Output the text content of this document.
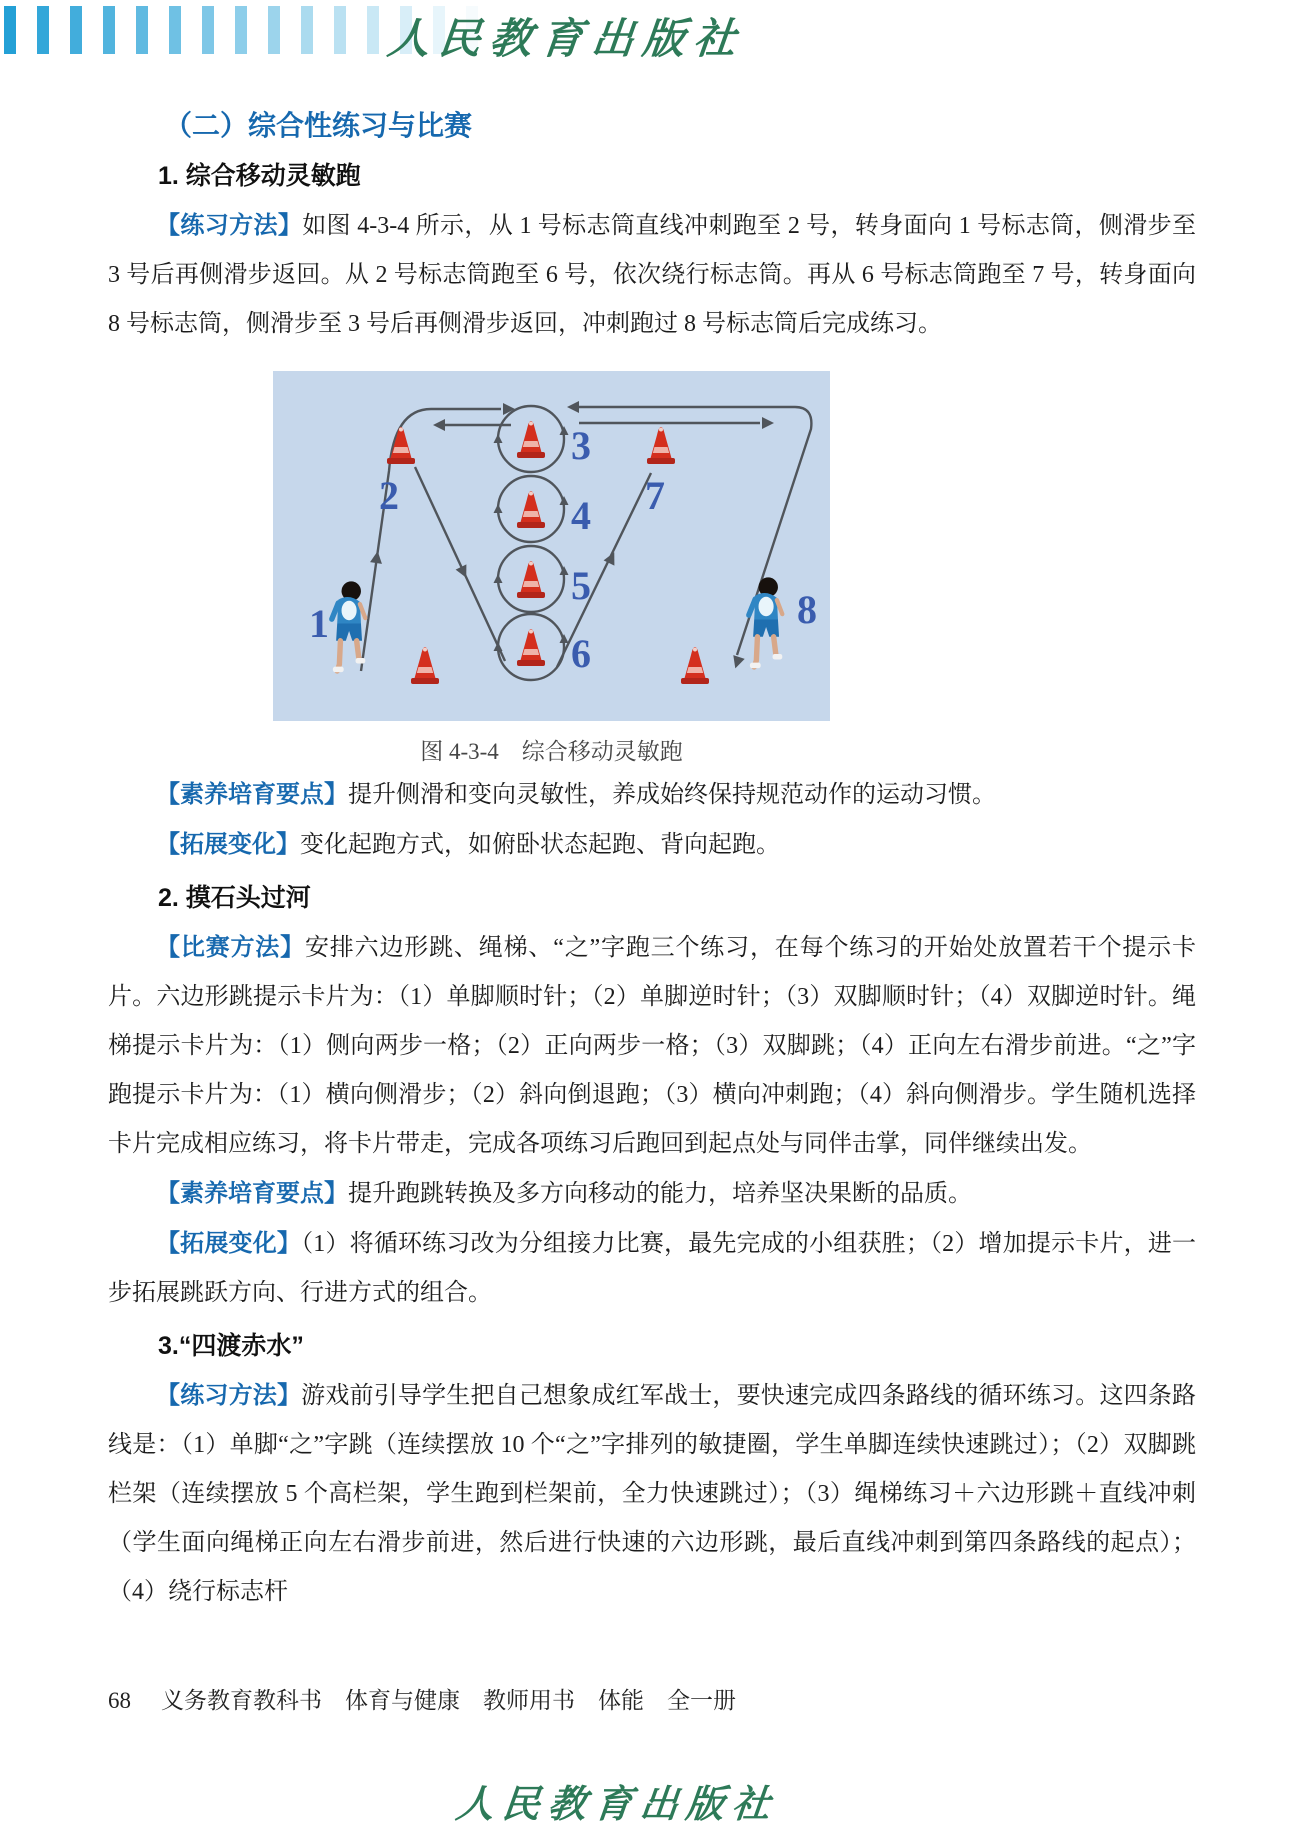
人民教育出版社
（二）综合性练习与比赛
1. 综合移动灵敏跑

【练习方法】如图 4-3-4 所示，从 1 号标志筒直线冲刺跑至 2 号，转身面向 1 号标志筒，侧滑步至 3 号后再侧滑步返回。从 2 号标志筒跑至 6 号，依次绕行标志筒。再从 6 号标志筒跑至 7 号，转身面向 8 号标志筒，侧滑步至 3 号后再侧滑步返回，冲刺跑过 8 号标志筒后完成练习。

1
2
3
4
5
6
7
8
图 4-3-4　综合移动灵敏跑

【素养培育要点】提升侧滑和变向灵敏性，养成始终保持规范动作的运动习惯。

【拓展变化】变化起跑方式，如俯卧状态起跑、背向起跑。

2. 摸石头过河

【比赛方法】安排六边形跳、绳梯、“之”字跑三个练习，在每个练习的开始处放置若干个提示卡片。六边形跳提示卡片为：（1）单脚顺时针；（2）单脚逆时针；（3）双脚顺时针；（4）双脚逆时针。绳梯提示卡片为：（1）侧向两步一格；（2）正向两步一格；（3）双脚跳；（4）正向左右滑步前进。“之”字跑提示卡片为：（1）横向侧滑步；（2）斜向倒退跑；（3）横向冲刺跑；（4）斜向侧滑步。学生随机选择卡片完成相应练习，将卡片带走，完成各项练习后跑回到起点处与同伴击掌，同伴继续出发。

【素养培育要点】提升跑跳转换及多方向移动的能力，培养坚决果断的品质。

【拓展变化】（1）将循环练习改为分组接力比赛，最先完成的小组获胜；（2）增加提示卡片，进一步拓展跳跃方向、行进方式的组合。

3.“四渡赤水”

【练习方法】游戏前引导学生把自己想象成红军战士，要快速完成四条路线的循环练习。这四条路线是：（1）单脚“之”字跳（连续摆放 10 个“之”字排列的敏捷圈，学生单脚连续快速跳过）；（2）双脚跳栏架（连续摆放 5 个高栏架，学生跑到栏架前，全力快速跳过）；（3）绳梯练习＋六边形跳＋直线冲刺（学生面向绳梯正向左右滑步前进，然后进行快速的六边形跳，最后直线冲刺到第四条路线的起点）；（4）绕行标志杆

68 义务教育教科书　体育与健康　教师用书　体能　全一册
人民教育出版社
